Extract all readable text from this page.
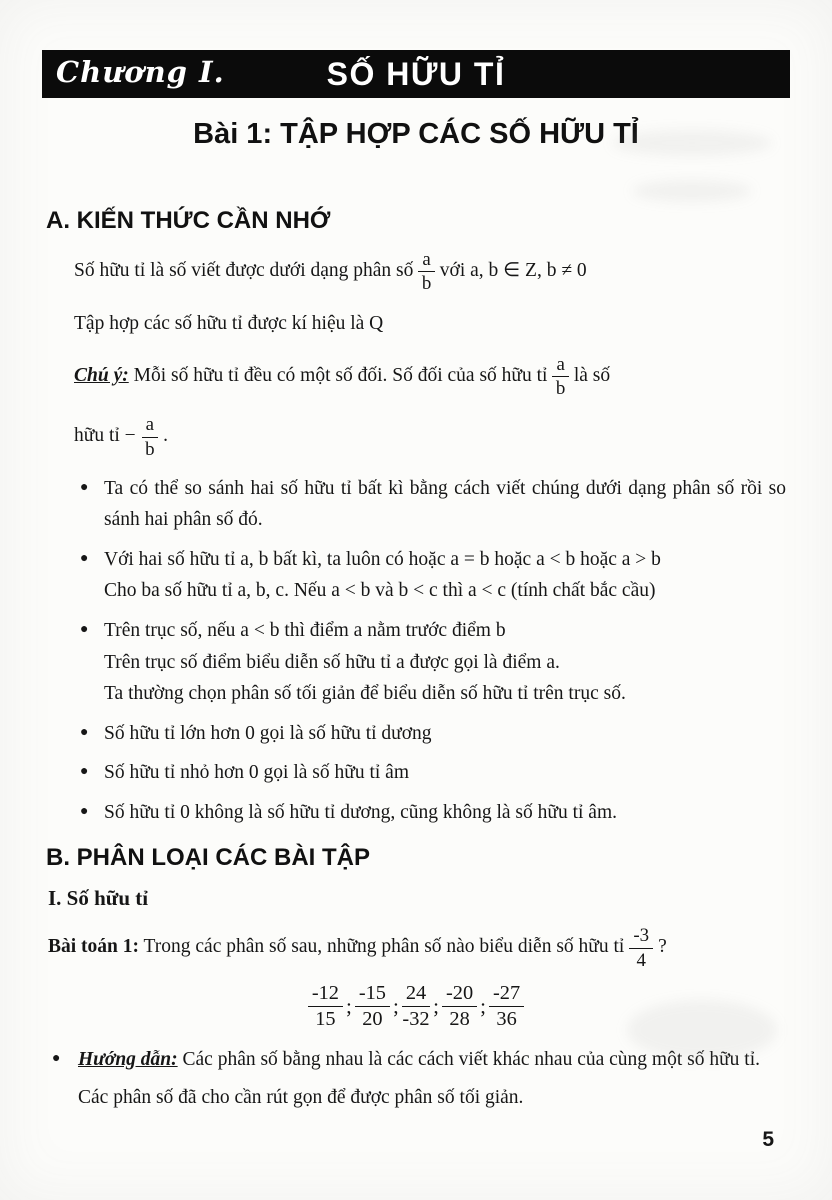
Chương I.	SỐ HỮU TỈ
Bài 1: TẬP HỢP CÁC SỐ HỮU TỈ
A. KIẾN THỨC CẦN NHỚ

Số hữu tỉ là số viết được dưới dạng phân số $\frac{a}{b}$ với a, b ∈ Z, b ≠ 0

Tập hợp các số hữu tỉ được kí hiệu là Q

Chú ý: Mỗi số hữu tỉ đều có một số đối. Số đối của số hữu tỉ $\frac{a}{b}$ là số

hữu tỉ − $\frac{a}{b}$ .

● Ta có thể so sánh hai số hữu tỉ bất kì bằng cách viết chúng dưới dạng phân số rồi so sánh hai phân số đó.
● Với hai số hữu tỉ a, b bất kì, ta luôn có hoặc a = b hoặc a < b hoặc a > b
Cho ba số hữu tỉ a, b, c. Nếu a < b và b < c thì a < c (tính chất bắc cầu)
● Trên trục số, nếu a < b thì điểm a nằm trước điểm b
Trên trục số điểm biểu diễn số hữu tỉ a được gọi là điểm a.
Ta thường chọn phân số tối giản để biểu diễn số hữu tỉ trên trục số.
● Số hữu tỉ lớn hơn 0 gọi là số hữu tỉ dương
● Số hữu tỉ nhỏ hơn 0 gọi là số hữu tỉ âm
● Số hữu tỉ 0 không là số hữu tỉ dương, cũng không là số hữu tỉ âm.
B. PHÂN LOẠI CÁC BÀI TẬP
I. Số hữu tỉ

Bài toán 1: Trong các phân số sau, những phân số nào biểu diễn số hữu tỉ $\frac{-3}{4}$ ?

$\frac{-12}{15}$ ; $\frac{-15}{20}$ ; $\frac{24}{-32}$ ; $\frac{-20}{28}$ ; $\frac{-27}{36}$
● Hướng dẫn: Các phân số bằng nhau là các cách viết khác nhau của cùng một số hữu tỉ.
Các phân số đã cho cần rút gọn để được phân số tối giản.
5
